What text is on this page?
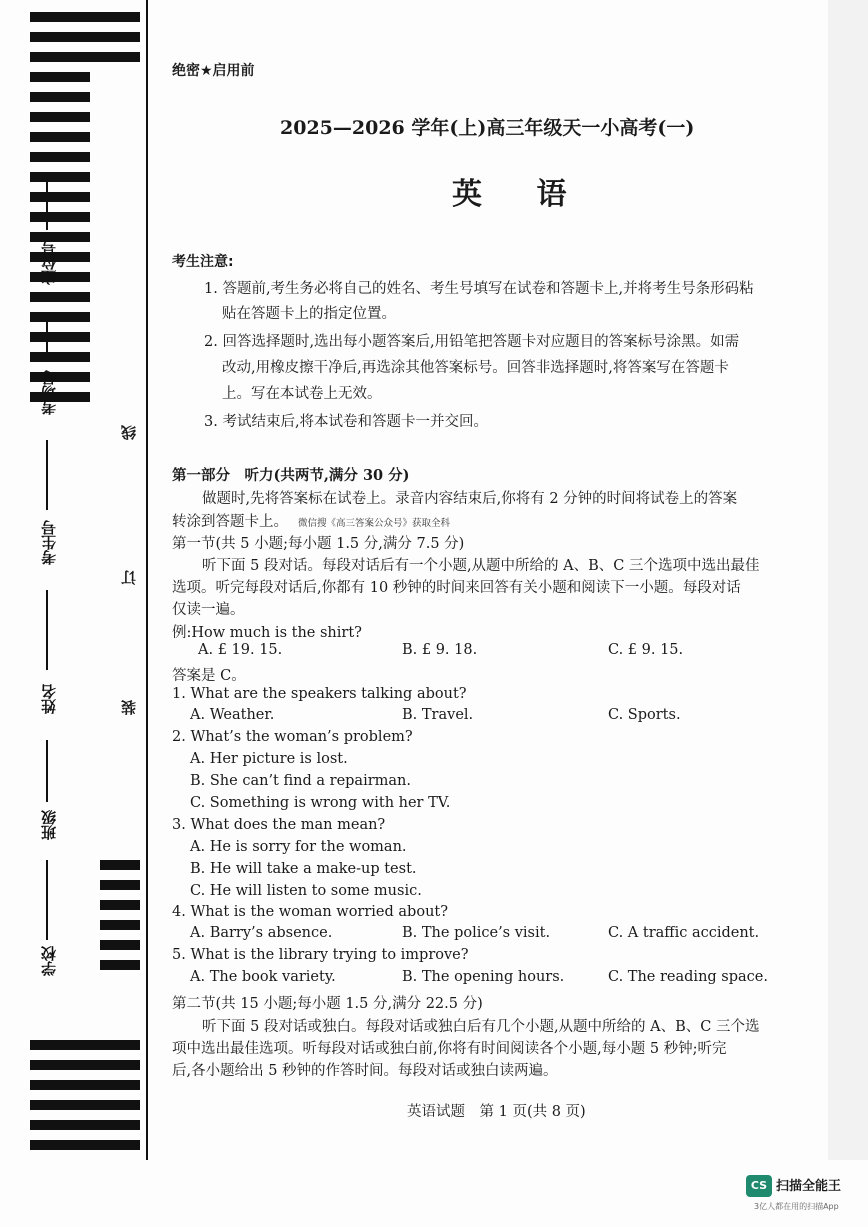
座位号
考场号
考生号
姓名
班级
学校
线
订
装
绝密★启用前
2025—2026 学年(上)高三年级天一小高考(一)
英 语
考生注意:
1. 答题前,考生务必将自己的姓名、考生号填写在试卷和答题卡上,并将考生号条形码粘
贴在答题卡上的指定位置。
2. 回答选择题时,选出每小题答案后,用铅笔把答题卡对应题目的答案标号涂黑。如需
改动,用橡皮擦干净后,再选涂其他答案标号。回答非选择题时,将答案写在答题卡
上。写在本试卷上无效。
3. 考试结束后,将本试卷和答题卡一并交回。
第一部分　听力(共两节,满分 30 分)
做题时,先将答案标在试卷上。录音内容结束后,你将有 2 分钟的时间将试卷上的答案
转涂到答题卡上。 微信搜《高三答案公众号》获取全科
第一节(共 5 小题;每小题 1.5 分,满分 7.5 分)
听下面 5 段对话。每段对话后有一个小题,从题中所给的 A、B、C 三个选项中选出最佳
选项。听完每段对话后,你都有 10 秒钟的时间来回答有关小题和阅读下一小题。每段对话
仅读一遍。
例:How much is the shirt?
A. £ 19. 15.	B. £ 9. 18.	C. £ 9. 15.
答案是 C。
1. What are the speakers talking about?
A. Weather.	B. Travel.	C. Sports.
2. What’s the woman’s problem?
A. Her picture is lost.
B. She can’t find a repairman.
C. Something is wrong with her TV.
3. What does the man mean?
A. He is sorry for the woman.
B. He will take a make-up test.
C. He will listen to some music.
4. What is the woman worried about?
A. Barry’s absence.	B. The police’s visit.	C. A traffic accident.
5. What is the library trying to improve?
A. The book variety.	B. The opening hours.	C. The reading space.
第二节(共 15 小题;每小题 1.5 分,满分 22.5 分)
听下面 5 段对话或独白。每段对话或独白后有几个小题,从题中所给的 A、B、C 三个选
项中选出最佳选项。听每段对话或独白前,你将有时间阅读各个小题,每小题 5 秒钟;听完
后,各小题给出 5 秒钟的作答时间。每段对话或独白读两遍。
英语试题　第 1 页(共 8 页)
CS 扫描全能王
3亿人都在用的扫描App
